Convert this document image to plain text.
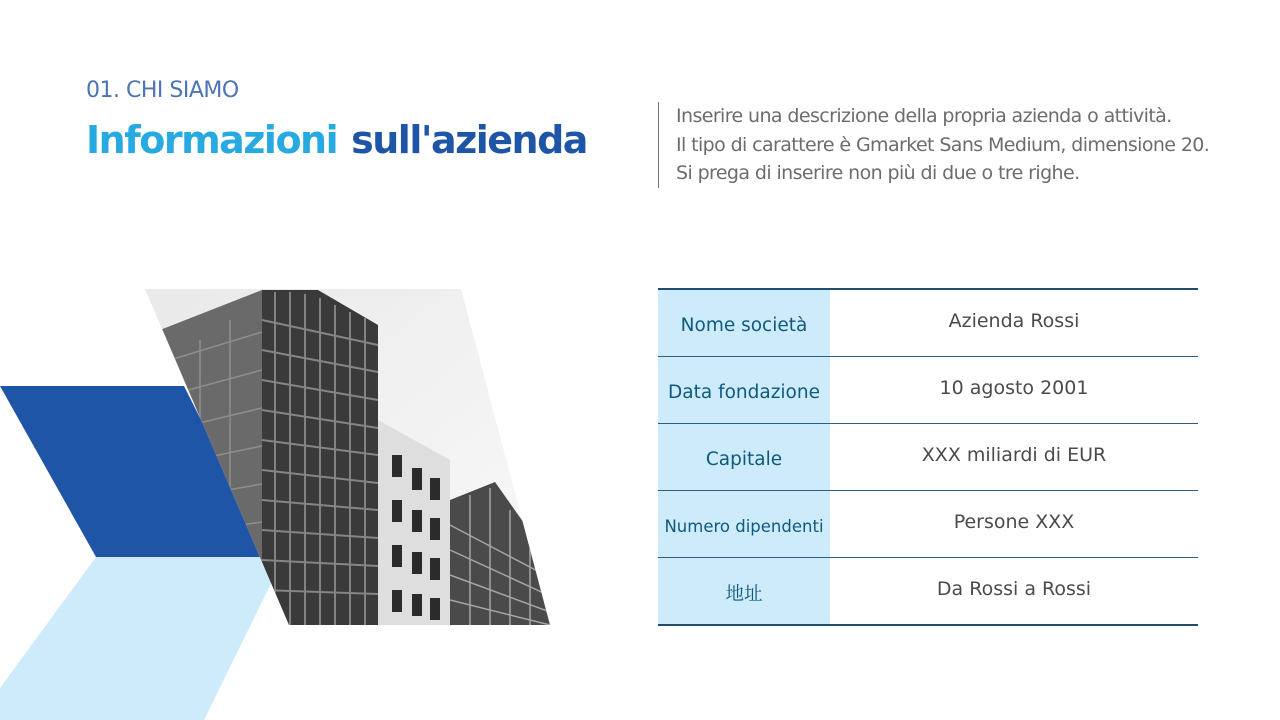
01. CHI SIAMO
Informazioni sull'azienda
Inserire una descrizione della propria azienda o attività.
Il tipo di carattere è Gmarket Sans Medium, dimensione 20.
Si prega di inserire non più di due o tre righe.
Nome società	Azienda Rossi
Data fondazione	10 agosto 2001
Capitale	XXX miliardi di EUR
Numero dipendenti	Persone XXX
地址	Da Rossi a Rossi
